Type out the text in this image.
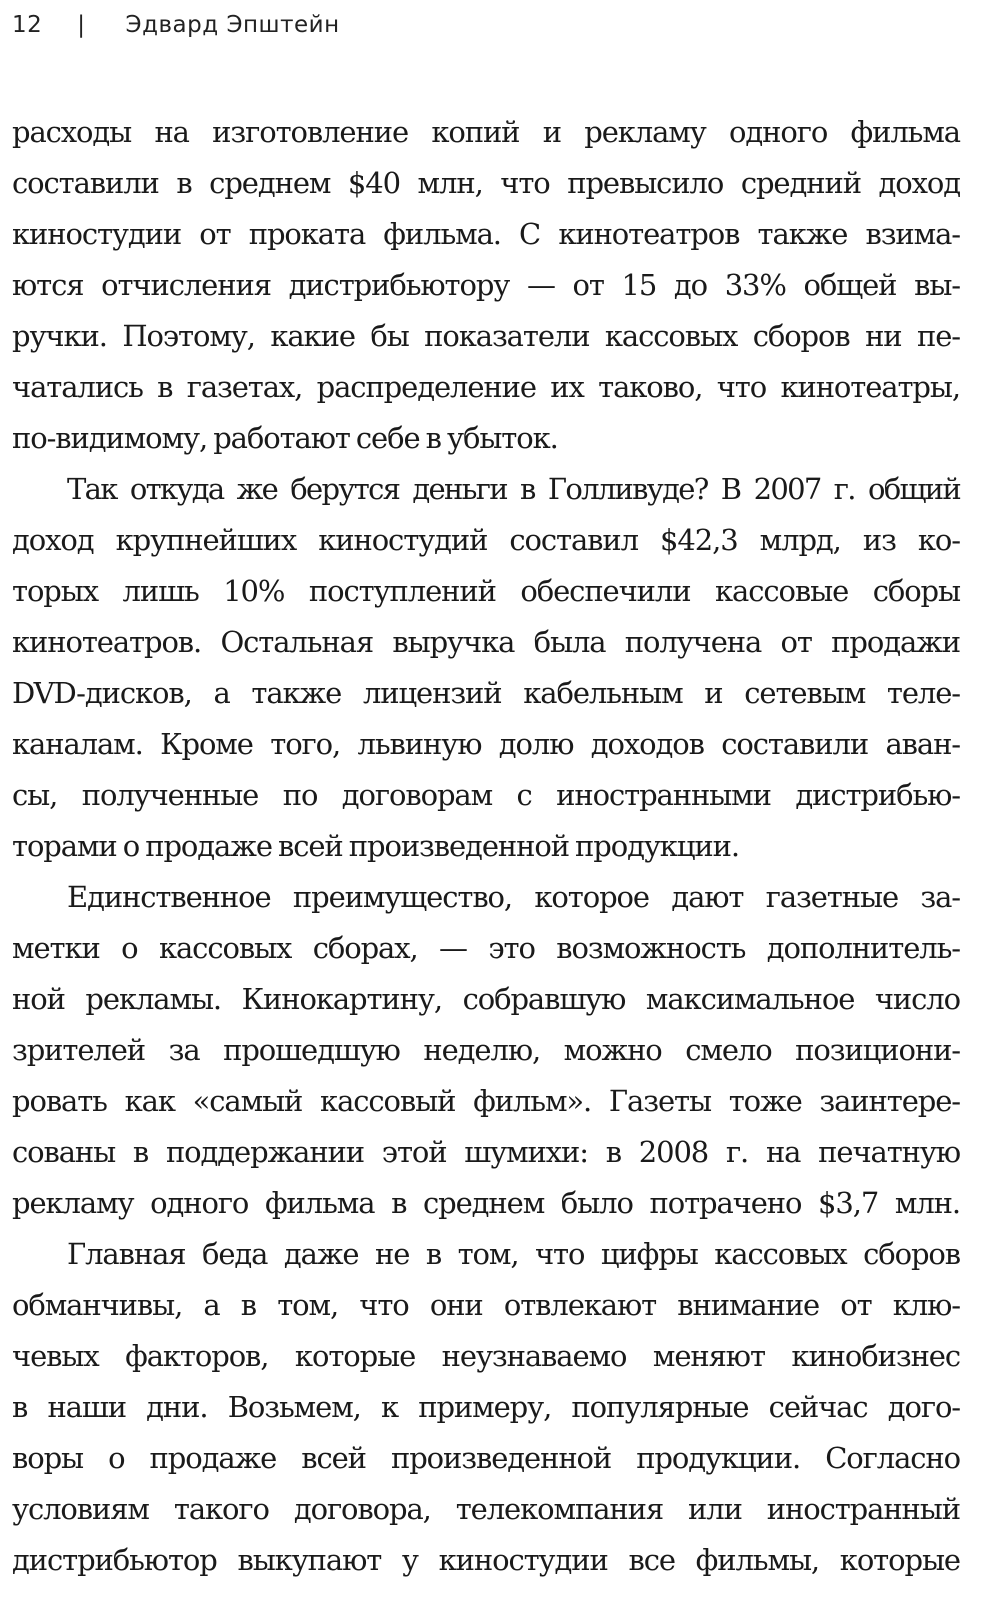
12 | Эдвард Эпштейн

расходы на изготовление копий и рекламу одного фильма
составили в среднем $40 млн, что превысило средний доход
киностудии от проката фильма. С кинотеатров также взима-
ются отчисления дистрибьютору — от 15 до 33% общей вы-
ручки. Поэтому, какие бы показатели кассовых сборов ни пе-
чатались в газетах, распределение их таково, что кинотеатры,
по-видимому, работают себе в убыток.

Так откуда же берутся деньги в Голливуде? В 2007 г. общий
доход крупнейших киностудий составил $42,3 млрд, из ко-
торых лишь 10% поступлений обеспечили кассовые сборы
кинотеатров. Остальная выручка была получена от продажи
DVD-дисков, а также лицензий кабельным и сетевым теле-
каналам. Кроме того, львиную долю доходов составили аван-
сы, полученные по договорам с иностранными дистрибью-
торами о продаже всей произведенной продукции.

Единственное преимущество, которое дают газетные за-
метки о кассовых сборах, — это возможность дополнитель-
ной рекламы. Кинокартину, собравшую максимальное число
зрителей за прошедшую неделю, можно смело позициони-
ровать как «самый кассовый фильм». Газеты тоже заинтере-
сованы в поддержании этой шумихи: в 2008 г. на печатную
рекламу одного фильма в среднем было потрачено $3,7 млн.

Главная беда даже не в том, что цифры кассовых сборов
обманчивы, а в том, что они отвлекают внимание от клю-
чевых факторов, которые неузнаваемо меняют кинобизнес
в наши дни. Возьмем, к примеру, популярные сейчас дого-
воры о продаже всей произведенной продукции. Согласно
условиям такого договора, телекомпания или иностранный
дистрибьютор выкупают у киностудии все фильмы, которые
